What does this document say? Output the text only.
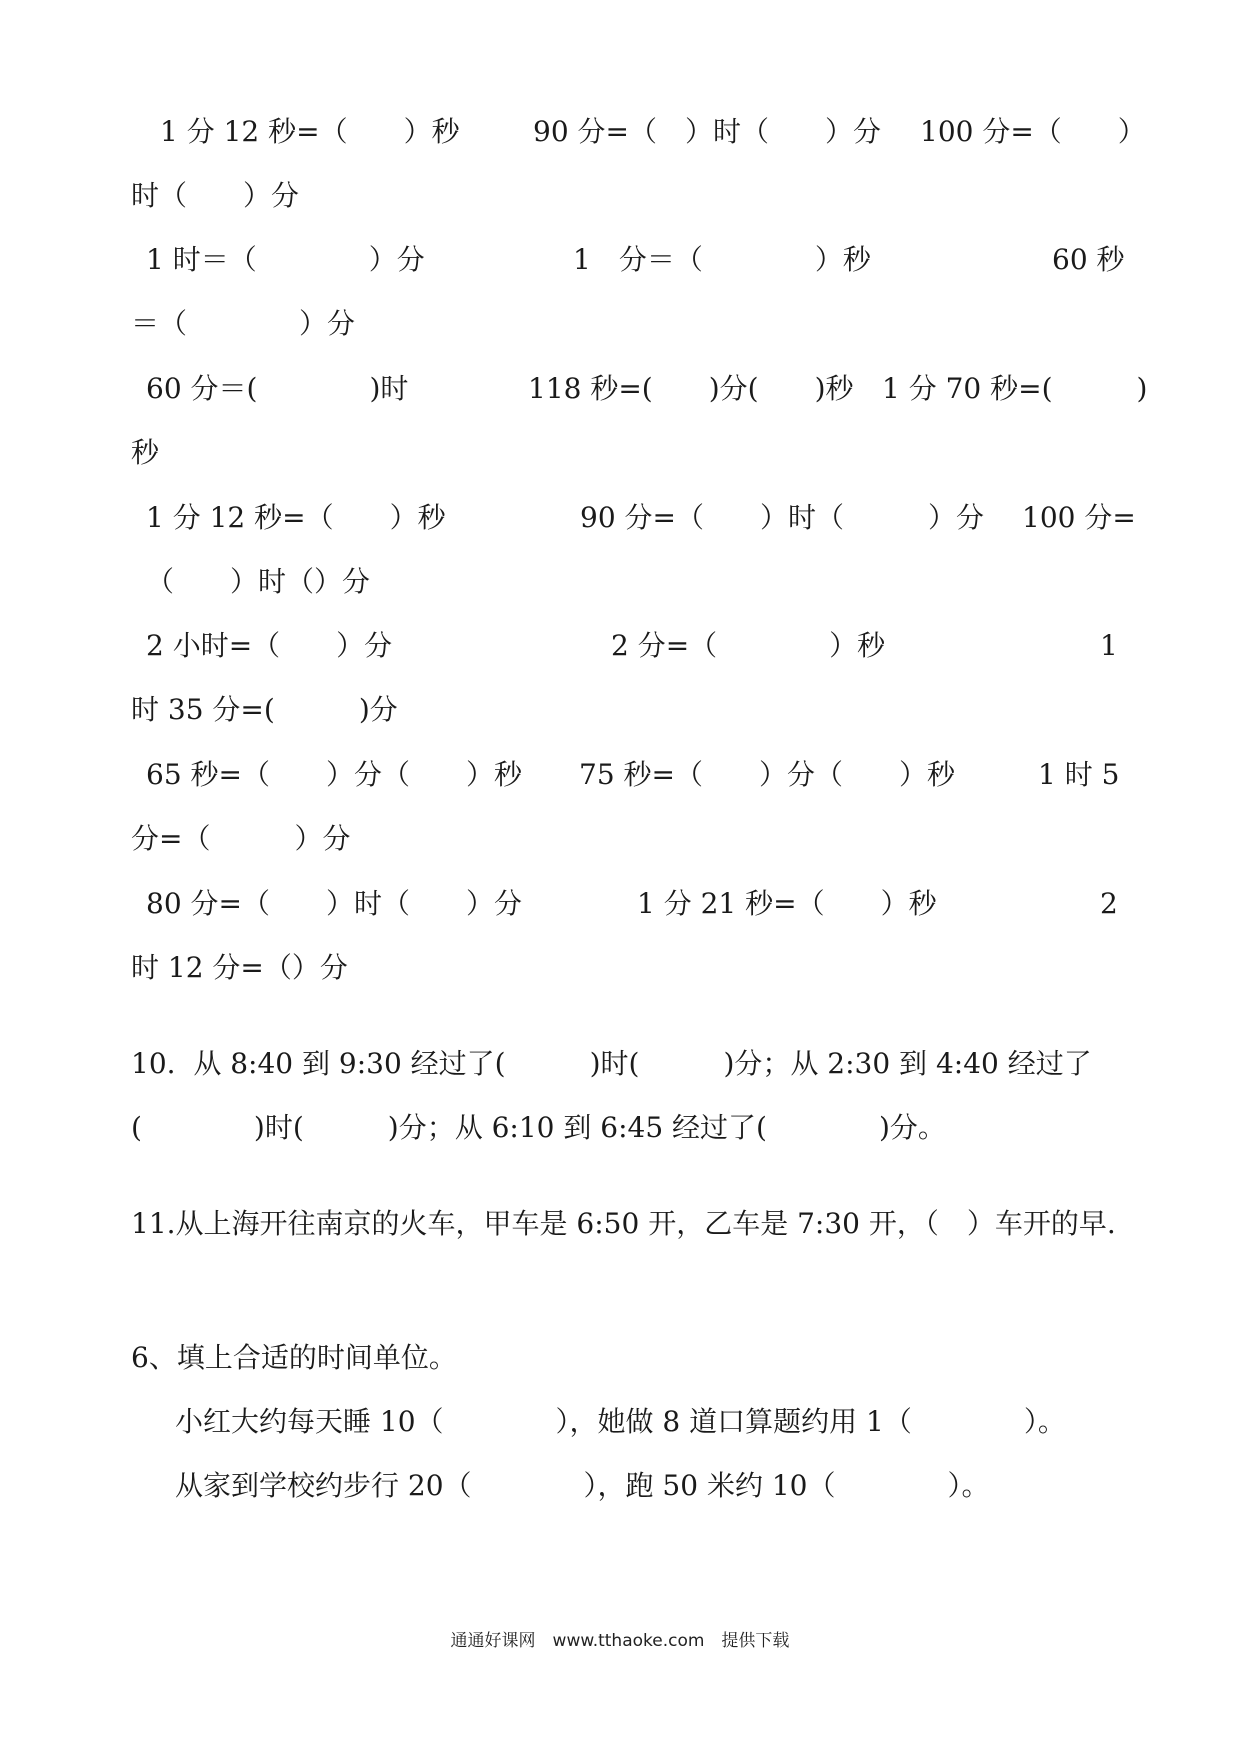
1 分 12 秒=（　　）秒	90 分=（　）时（　　）分 100 分=（　　）
时（　　）分
1 时＝（　　　　）分	1　分＝（　　　　）秒	60 秒
＝（　　　　）分
60 分＝(　　　　)时	118 秒=(　　)分(　　)秒 1 分 70 秒=(　　　)
秒
1 分 12 秒=（　　）秒	90 分=（　　）时（　　　）分 100 分=
（　　）时（）分
2 小时=（　　）分	2 分=（　　　　）秒	1
时 35 分=(　　　)分
65 秒=（　　）分（　　）秒 75 秒=（　　）分（　　）秒	1 时 5
分=（　　　）分
80 分=（　　）时（　　）分	1 分 21 秒=（　　）秒	2
时 12 分=（）分
10.  从 8:40 到 9:30 经过了(　　　)时(　　　)分；从 2:30 到 4:40 经过了
(　　　　)时(　　　)分；从 6:10 到 6:45 经过了(　　　　)分。
11.从上海开往南京的火车，甲车是 6:50 开，乙车是 7:30 开，（　）车开的早.
6、填上合适的时间单位。
小红大约每天睡 10（　　　　），她做 8 道口算题约用 1（　　　　）。
从家到学校约步行 20（　　　　），跑 50 米约 10（　　　　）。
通通好课网　www.tthaoke.com　提供下载
